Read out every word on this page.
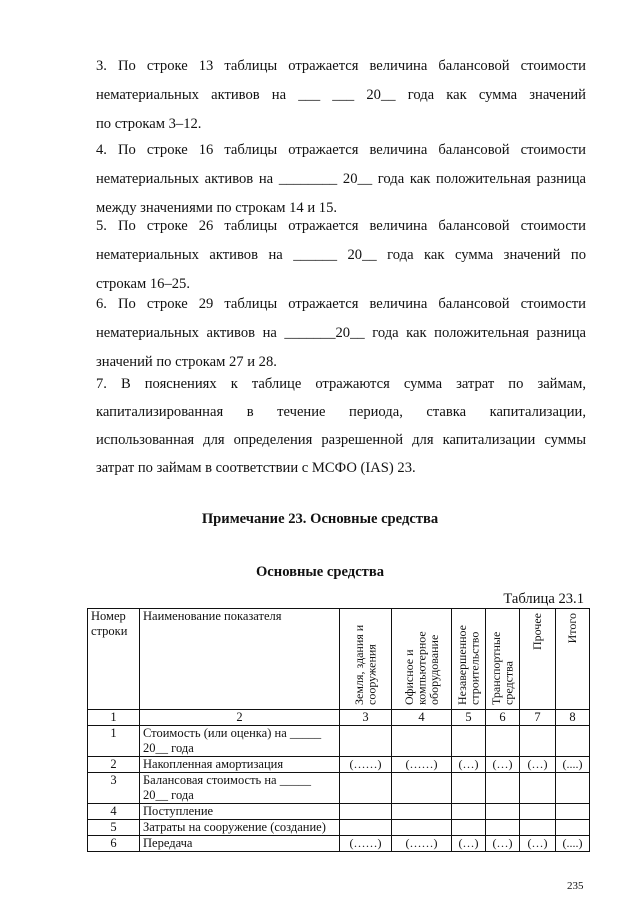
3. По строке 13 таблицы отражается величина балансовой стоимости
нематериальных активов на ___ ___ 20__ года как сумма значений
по строкам 3–12.
4. По строке 16 таблицы отражается величина балансовой стоимости
нематериальных активов на ________ 20__ года как положительная разница
между значениями по строкам 14 и 15.
5. По строке 26 таблицы отражается величина балансовой стоимости
нематериальных активов на ______ 20__ года как сумма значений по
строкам 16–25.
6. По строке 29 таблицы отражается величина балансовой стоимости
нематериальных активов на _______20__ года как положительная разница
значений по строкам 27 и 28.
7. В пояснениях к таблице отражаются сумма затрат по займам,
капитализированная в течение периода, ставка капитализации,
использованная для определения разрешенной для капитализации суммы
затрат по займам в соответствии с МСФО (IAS) 23.
Примечание 23. Основные средства
Основные средства
Таблица 23.1
Номер строки	Наименование показателя	Земля, здания и сооружения	Офисное и компьютерное оборудование	Незавершенное строительство	Транспортные средства	Прочее	Итого

1	2	3	4	5	6	7	8
1	Стоимость (или оценка) на _____
20__ года						

2	Накопленная амортизация	(……)	(……)	(…)	(…)	(…)	(....)
3	Балансовая стоимость на _____
20__ года						

4	Поступление						

5	Затраты на сооружение (создание)						

6	Передача	(……)	(……)	(…)	(…)	(…)	(....)
235
